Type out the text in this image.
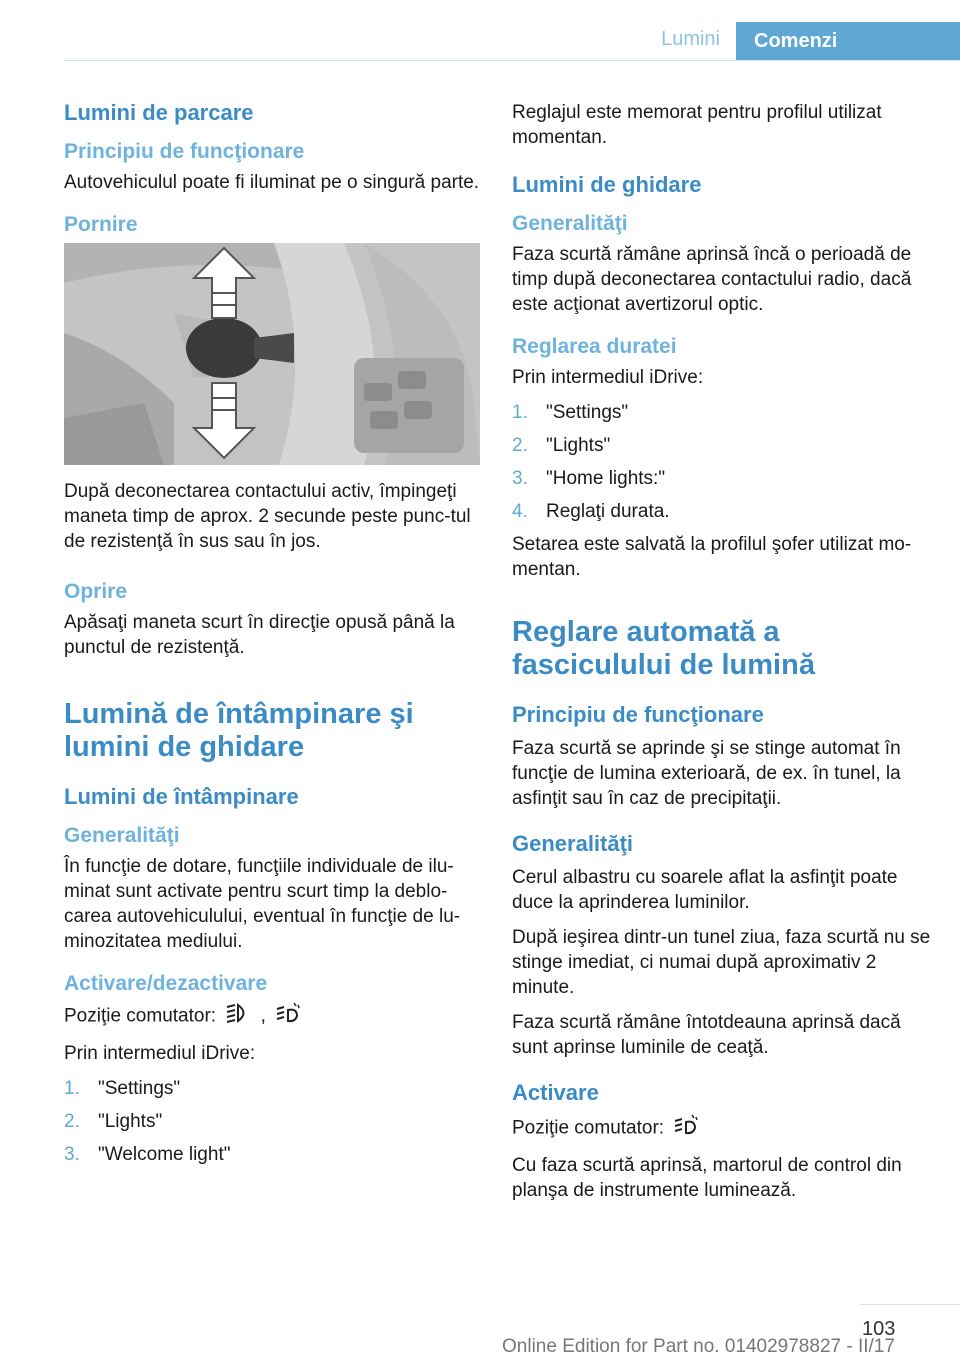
Lumini	Comenzi
Lumini de parcare
Principiu de funcţionare

Autovehiculul poate fi iluminat pe o singură parte.

Pornire

După deconectarea contactului activ, împingeţi maneta timp de aprox. 2 secunde peste punc-tul de rezistenţă în sus sau în jos.

Oprire

Apăsaţi maneta scurt în direcţie opusă până la punctul de rezistenţă.

Lumină de întâmpinare şi lumini de ghidare
Lumini de întâmpinare
Generalităţi

În funcţie de dotare, funcţiile individuale de ilu-minat sunt activate pentru scurt timp la deblo-carea autovehiculului, eventual în funcţie de lu-minozitatea mediului.

Activare/dezactivare

Poziţie comutator: ,

Prin intermediul iDrive:

1. "Settings"
2. "Lights"
3. "Welcome light"

Reglajul este memorat pentru profilul utilizat momentan.

Lumini de ghidare
Generalităţi

Faza scurtă rămâne aprinsă încă o perioadă de timp după deconectarea contactului radio, dacă este acţionat avertizorul optic.

Reglarea duratei

Prin intermediul iDrive:

1. "Settings"
2. "Lights"
3. "Home lights:"
4. Reglaţi durata.

Setarea este salvată la profilul şofer utilizat mo-mentan.

Reglare automată a fasciculului de lumină
Principiu de funcţionare

Faza scurtă se aprinde şi se stinge automat în funcţie de lumina exterioară, de ex. în tunel, la asfinţit sau în caz de precipitaţii.

Generalităţi

Cerul albastru cu soarele aflat la asfinţit poate duce la aprinderea luminilor.

După ieşirea dintr-un tunel ziua, faza scurtă nu se stinge imediat, ci numai după aproximativ 2 minute.

Faza scurtă rămâne întotdeauna aprinsă dacă sunt aprinse luminile de ceaţă.

Activare

Poziţie comutator:

Cu faza scurtă aprinsă, martorul de control din planşa de instrumente luminează.

103
Online Edition for Part no. 01402978827 - II/17
